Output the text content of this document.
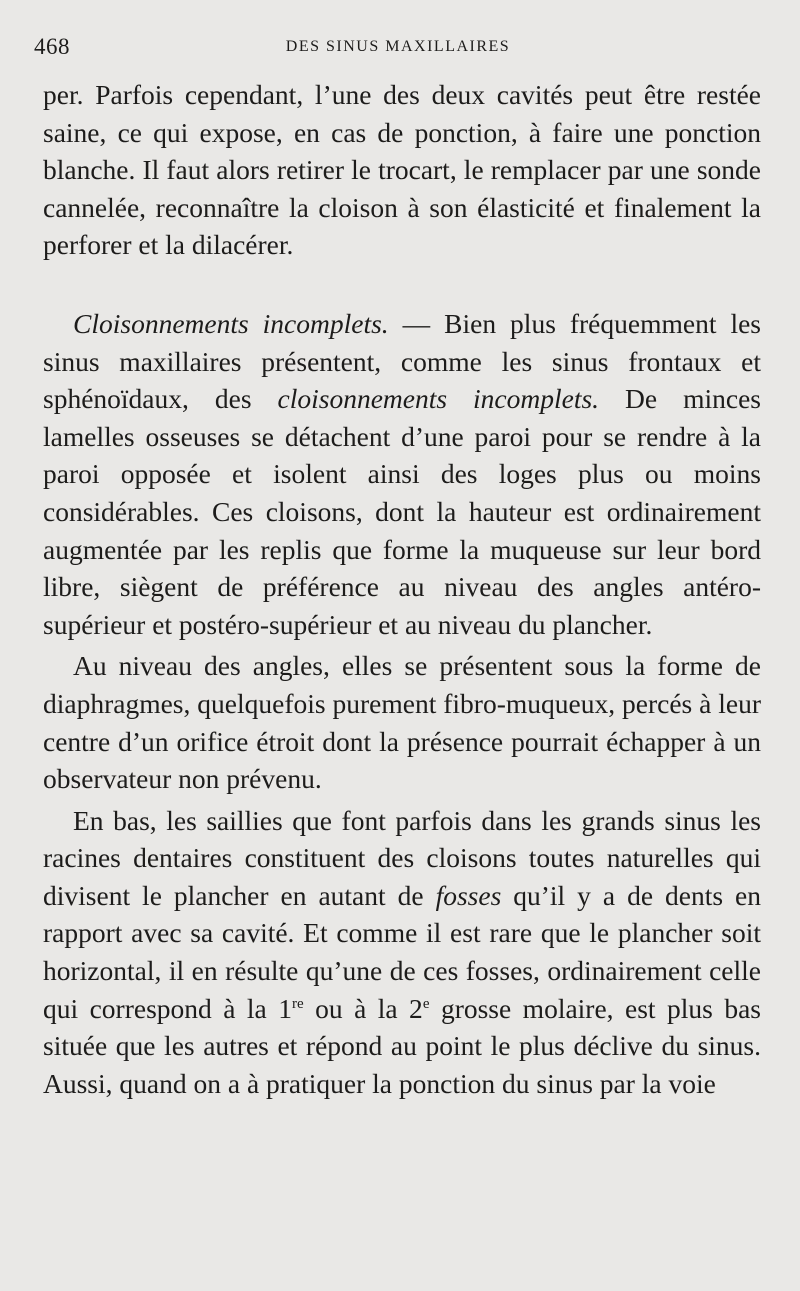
468	DES SINUS MAXILLAIRES

per. Parfois cependant, l’une des deux cavités peut être restée saine, ce qui expose, en cas de ponction, à faire une ponction blanche. Il faut alors retirer le trocart, le remplacer par une sonde cannelée, reconnaître la cloison à son élasticité et finalement la perforer et la dilacérer.

Cloisonnements incomplets. — Bien plus fréquemment les sinus maxillaires présentent, comme les sinus frontaux et sphénoïdaux, des cloisonnements incomplets. De minces lamelles osseuses se détachent d’une paroi pour se rendre à la paroi opposée et isolent ainsi des loges plus ou moins considérables. Ces cloisons, dont la hauteur est ordinairement augmentée par les replis que forme la muqueuse sur leur bord libre, siègent de préférence au niveau des angles antéro-supérieur et postéro-supérieur et au niveau du plancher.

Au niveau des angles, elles se présentent sous la forme de diaphragmes, quelquefois purement fibro-muqueux, percés à leur centre d’un orifice étroit dont la présence pourrait échapper à un observateur non prévenu.

En bas, les saillies que font parfois dans les grands sinus les racines dentaires constituent des cloisons toutes naturelles qui divisent le plancher en autant de fosses qu’il y a de dents en rapport avec sa cavité. Et comme il est rare que le plancher soit horizontal, il en résulte qu’une de ces fosses, ordinairement celle qui correspond à la 1re ou à la 2e grosse molaire, est plus bas située que les autres et répond au point le plus déclive du sinus. Aussi, quand on a à pratiquer la ponction du sinus par la voie
